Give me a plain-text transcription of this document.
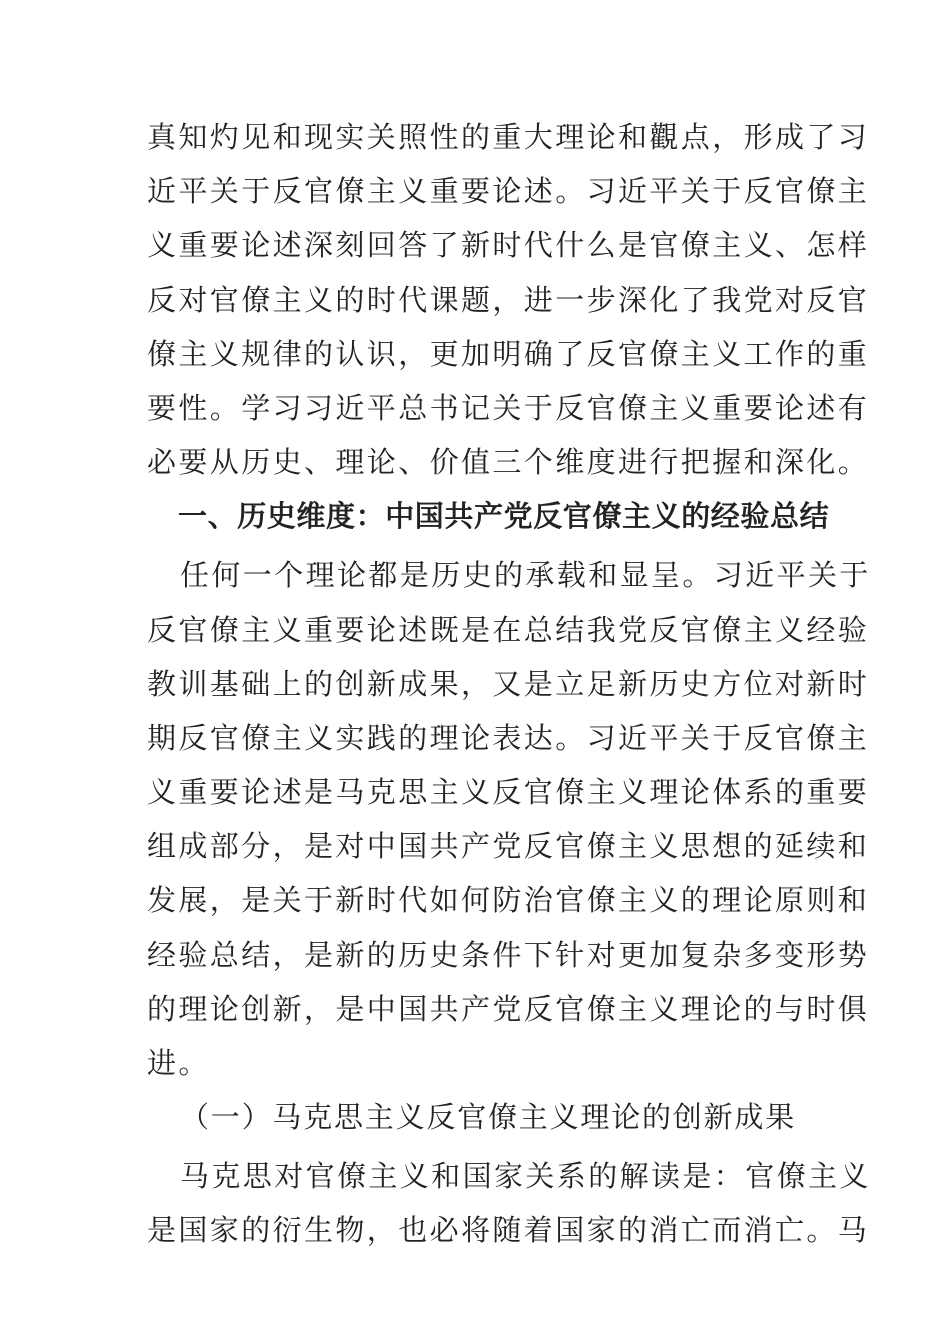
真知灼见和现实关照性的重大理论和觀点，形成了习
近平关于反官僚主义重要论述。习近平关于反官僚主
义重要论述深刻回答了新时代什么是官僚主义、怎样
反对官僚主义的时代课题，进一步深化了我党对反官
僚主义规律的认识，更加明确了反官僚主义工作的重
要性。学习习近平总书记关于反官僚主义重要论述有
必要从历史、理论、价值三个维度进行把握和深化。
一、历史维度：中国共产党反官僚主义的经验总结
任何一个理论都是历史的承载和显呈。习近平关于
反官僚主义重要论述既是在总结我党反官僚主义经验
教训基础上的创新成果，又是立足新历史方位对新时
期反官僚主义实践的理论表达。习近平关于反官僚主
义重要论述是马克思主义反官僚主义理论体系的重要
组成部分，是对中国共产党反官僚主义思想的延续和
发展，是关于新时代如何防治官僚主义的理论原则和
经验总结，是新的历史条件下针对更加复杂多变形势
的理论创新，是中国共产党反官僚主义理论的与时俱
进。
（一）马克思主义反官僚主义理论的创新成果
马克思对官僚主义和国家关系的解读是：官僚主义
是国家的衍生物，也必将随着国家的消亡而消亡。马
